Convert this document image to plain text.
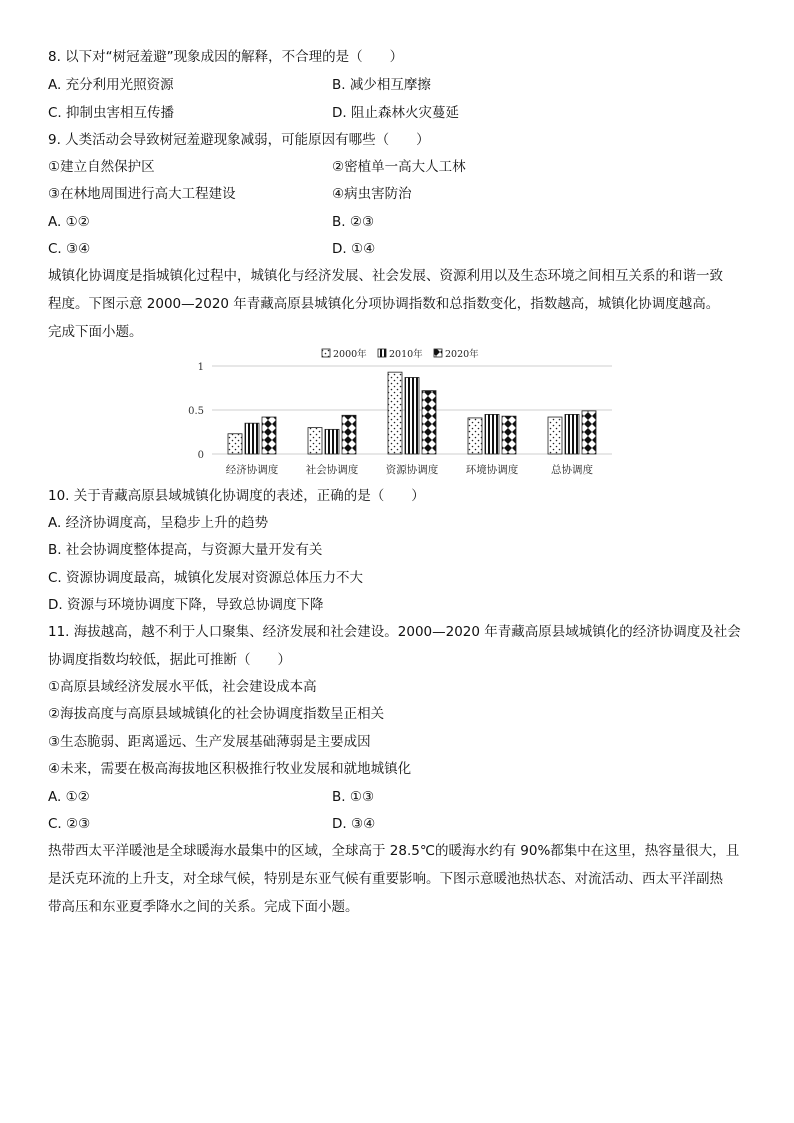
8. 以下对“树冠羞避”现象成因的解释，不合理的是（　　）
A. 充分利用光照资源	B. 减少相互摩擦
C. 抑制虫害相互传播	D. 阻止森林火灾蔓延
9. 人类活动会导致树冠羞避现象减弱，可能原因有哪些（　　）
①建立自然保护区	②密植单一高大人工林
③在林地周围进行高大工程建设	④病虫害防治
A. ①②	B. ②③
C. ③④	D. ①④
城镇化协调度是指城镇化过程中，城镇化与经济发展、社会发展、资源利用以及生态环境之间相互关系的和谐一致
程度。下图示意 2000—2020 年青藏高原县城镇化分项协调指数和总指数变化，指数越高，城镇化协调度越高。
完成下面小题。
0
0.5
1
经济协调度	社会协调度	资源协调度	环境协调度	总协调度
2000年 2010年 2020年
10. 关于青藏高原县域城镇化协调度的表述，正确的是（　　）
A. 经济协调度高，呈稳步上升的趋势
B. 社会协调度整体提高，与资源大量开发有关
C. 资源协调度最高，城镇化发展对资源总体压力不大
D. 资源与环境协调度下降，导致总协调度下降
11. 海拔越高，越不利于人口聚集、经济发展和社会建设。2000—2020 年青藏高原县域城镇化的经济协调度及社会
协调度指数均较低，据此可推断（　　）
①高原县域经济发展水平低，社会建设成本高
②海拔高度与高原县域城镇化的社会协调度指数呈正相关
③生态脆弱、距离遥远、生产发展基础薄弱是主要成因
④未来，需要在极高海拔地区积极推行牧业发展和就地城镇化
A. ①②	B. ①③
C. ②③	D. ③④
热带西太平洋暖池是全球暖海水最集中的区域，全球高于 28.5℃的暖海水约有 90%都集中在这里，热容量很大，且
是沃克环流的上升支，对全球气候，特别是东亚气候有重要影响。下图示意暖池热状态、对流活动、西太平洋副热
带高压和东亚夏季降水之间的关系。完成下面小题。
